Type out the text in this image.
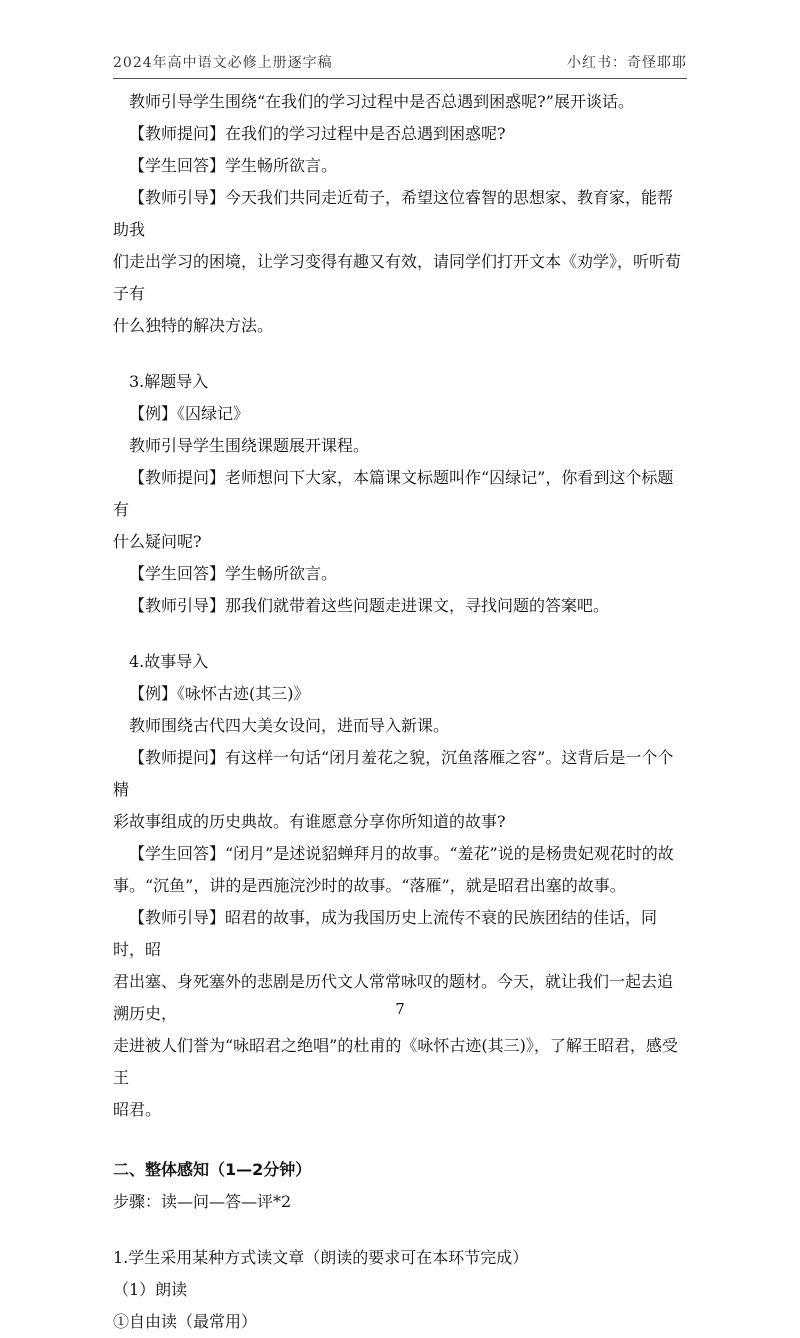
2024年高中语文必修上册逐字稿	小红书：奇怪耶耶

教师引导学生围绕“在我们的学习过程中是否总遇到困惑呢?”展开谈话。

【教师提问】在我们的学习过程中是否总遇到困惑呢?

【学生回答】学生畅所欲言。

【教师引导】今天我们共同走近荀子，希望这位睿智的思想家、教育家，能帮助我

们走出学习的困境，让学习变得有趣又有效，请同学们打开文本《劝学》，听听荀子有

什么独特的解决方法。

3.解题导入

【例】《囚绿记》

教师引导学生围绕课题展开课程。

【教师提问】老师想问下大家，本篇课文标题叫作“囚绿记”，你看到这个标题有

什么疑问呢?

【学生回答】学生畅所欲言。

【教师引导】那我们就带着这些问题走进课文，寻找问题的答案吧。

4.故事导入

【例】《咏怀古迹(其三)》

教师围绕古代四大美女设问，进而导入新课。

【教师提问】有这样一句话“闭月羞花之貌，沉鱼落雁之容”。这背后是一个个精

彩故事组成的历史典故。有谁愿意分享你所知道的故事?

【学生回答】“闭月”是述说貂蝉拜月的故事。“羞花”说的是杨贵妃观花时的故

事。“沉鱼”，讲的是西施浣沙时的故事。“落雁”，就是昭君出塞的故事。

【教师引导】昭君的故事，成为我国历史上流传不衰的民族团结的佳话，同时，昭

君出塞、身死塞外的悲剧是历代文人常常咏叹的题材。今天，就让我们一起去追溯历史，

走进被人们誉为“咏昭君之绝唱”的杜甫的《咏怀古迹(其三)》，了解王昭君，感受王

昭君。

二、整体感知（1—2分钟）

步骤：读—问—答—评*2

1.学生采用某种方式读文章（朗读的要求可在本环节完成）

（1）朗读

①自由读（最常用）

7
